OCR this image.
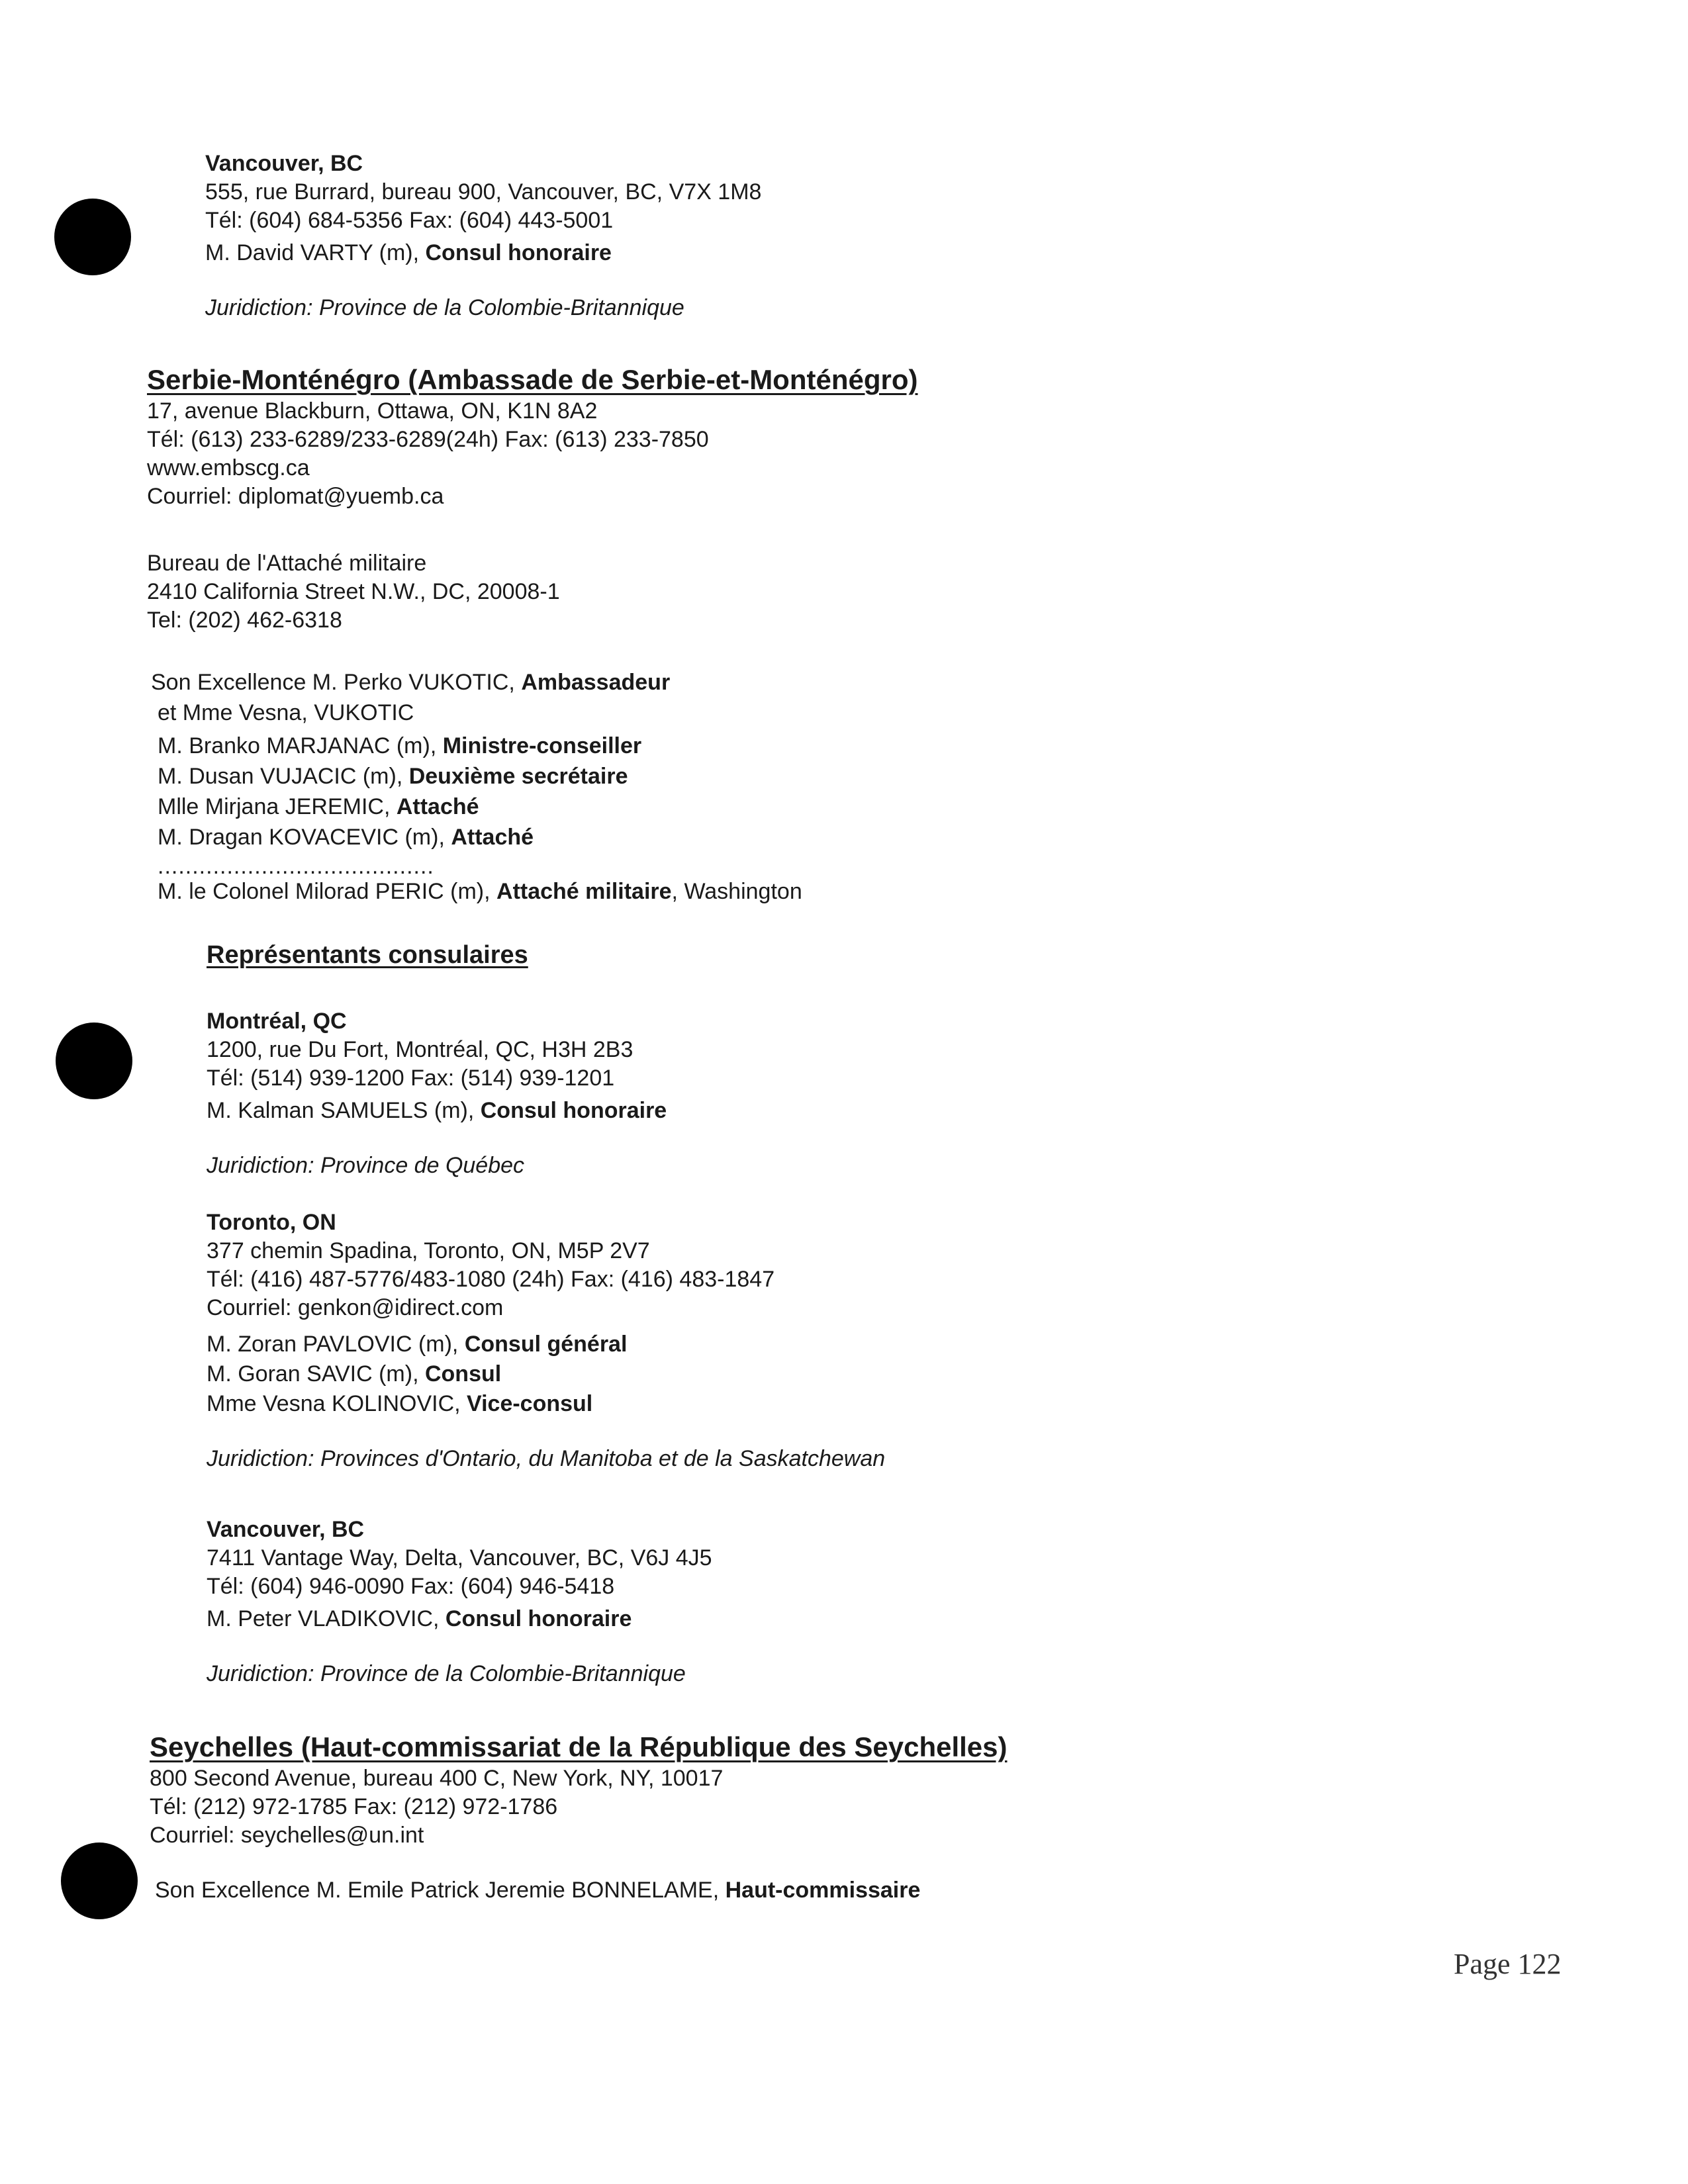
Vancouver, BC
555, rue Burrard, bureau 900, Vancouver, BC, V7X 1M8
Tél: (604) 684-5356 Fax: (604) 443-5001
M. David VARTY (m), Consul honoraire
Juridiction: Province de la Colombie-Britannique
Serbie-Monténégro (Ambassade de Serbie-et-Monténégro)
17, avenue Blackburn, Ottawa, ON, K1N 8A2
Tél: (613) 233-6289/233-6289(24h) Fax: (613) 233-7850
www.embscg.ca
Courriel: diplomat@yuemb.ca
Bureau de l'Attaché militaire
2410 California Street N.W., DC, 20008-1
Tel: (202) 462-6318
Son Excellence M. Perko VUKOTIC, Ambassadeur
et Mme Vesna, VUKOTIC
M. Branko MARJANAC (m), Ministre-conseiller
M. Dusan VUJACIC (m), Deuxième secrétaire
Mlle Mirjana JEREMIC, Attaché
M. Dragan KOVACEVIC (m), Attaché
........................................
M. le Colonel Milorad PERIC (m), Attaché militaire, Washington
Représentants consulaires
Montréal, QC
1200, rue Du Fort, Montréal, QC, H3H 2B3
Tél: (514) 939-1200 Fax: (514) 939-1201
M. Kalman SAMUELS (m), Consul honoraire
Juridiction: Province de Québec
Toronto, ON
377 chemin Spadina, Toronto, ON, M5P 2V7
Tél: (416) 487-5776/483-1080 (24h) Fax: (416) 483-1847
Courriel: genkon@idirect.com
M. Zoran PAVLOVIC (m), Consul général
M. Goran SAVIC (m), Consul
Mme Vesna KOLINOVIC, Vice-consul
Juridiction: Provinces d'Ontario, du Manitoba et de la Saskatchewan
Vancouver, BC
7411 Vantage Way, Delta, Vancouver, BC, V6J 4J5
Tél: (604) 946-0090 Fax: (604) 946-5418
M. Peter VLADIKOVIC, Consul honoraire
Juridiction: Province de la Colombie-Britannique
Seychelles (Haut-commissariat de la République des Seychelles)
800 Second Avenue, bureau 400 C, New York, NY, 10017
Tél: (212) 972-1785 Fax: (212) 972-1786
Courriel: seychelles@un.int
Son Excellence M. Emile Patrick Jeremie BONNELAME, Haut-commissaire
Page 122
